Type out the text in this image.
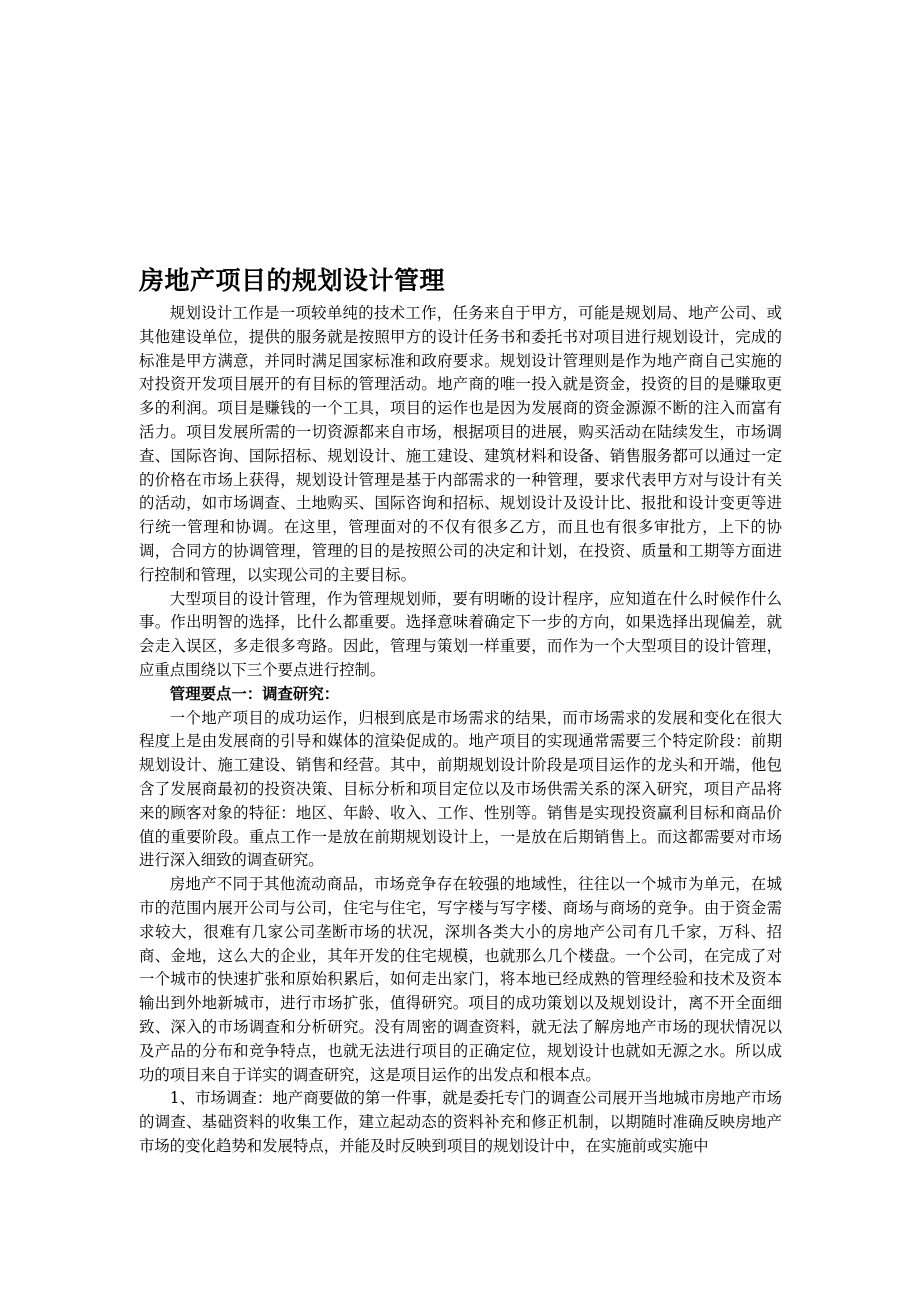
房地产项目的规划设计管理

规划设计工作是一项较单纯的技术工作，任务来自于甲方，可能是规划局、地产公司、或其他建设单位，提供的服务就是按照甲方的设计任务书和委托书对项目进行规划设计，完成的标准是甲方满意，并同时满足国家标准和政府要求。规划设计管理则是作为地产商自己实施的对投资开发项目展开的有目标的管理活动。地产商的唯一投入就是资金，投资的目的是赚取更多的利润。项目是赚钱的一个工具，项目的运作也是因为发展商的资金源源不断的注入而富有活力。项目发展所需的一切资源都来自市场，根据项目的进展，购买活动在陆续发生，市场调查、国际咨询、国际招标、规划设计、施工建设、建筑材料和设备、销售服务都可以通过一定的价格在市场上获得，规划设计管理是基于内部需求的一种管理，要求代表甲方对与设计有关的活动，如市场调查、土地购买、国际咨询和招标、规划设计及设计比、报批和设计变更等进行统一管理和协调。在这里，管理面对的不仅有很多乙方，而且也有很多审批方，上下的协调，合同方的协调管理，管理的目的是按照公司的决定和计划，在投资、质量和工期等方面进行控制和管理，以实现公司的主要目标。

大型项目的设计管理，作为管理规划师，要有明晰的设计程序，应知道在什么时候作什么事。作出明智的选择，比什么都重要。选择意味着确定下一步的方向，如果选择出现偏差，就会走入误区，多走很多弯路。因此，管理与策划一样重要，而作为一个大型项目的设计管理，应重点围绕以下三个要点进行控制。

管理要点一：调查研究：

一个地产项目的成功运作，归根到底是市场需求的结果，而市场需求的发展和变化在很大程度上是由发展商的引导和媒体的渲染促成的。地产项目的实现通常需要三个特定阶段：前期规划设计、施工建设、销售和经营。其中，前期规划设计阶段是项目运作的龙头和开端，他包含了发展商最初的投资决策、目标分析和项目定位以及市场供需关系的深入研究，项目产品将来的顾客对象的特征：地区、年龄、收入、工作、性别等。销售是实现投资赢利目标和商品价值的重要阶段。重点工作一是放在前期规划设计上，一是放在后期销售上。而这都需要对市场进行深入细致的调查研究。

房地产不同于其他流动商品，市场竞争存在较强的地域性，往往以一个城市为单元，在城市的范围内展开公司与公司，住宅与住宅，写字楼与写字楼、商场与商场的竞争。由于资金需求较大，很难有几家公司垄断市场的状况，深圳各类大小的房地产公司有几千家，万科、招商、金地，这么大的企业，其年开发的住宅规模，也就那么几个楼盘。一个公司，在完成了对一个城市的快速扩张和原始积累后，如何走出家门，将本地已经成熟的管理经验和技术及资本输出到外地新城市，进行市场扩张，值得研究。项目的成功策划以及规划设计，离不开全面细致、深入的市场调查和分析研究。没有周密的调查资料，就无法了解房地产市场的现状情况以及产品的分布和竞争特点，也就无法进行项目的正确定位，规划设计也就如无源之水。所以成功的项目来自于详实的调查研究，这是项目运作的出发点和根本点。

1、市场调查：地产商要做的第一件事，就是委托专门的调查公司展开当地城市房地产市场的调查、基础资料的收集工作，建立起动态的资料补充和修正机制，以期随时准确反映房地产市场的变化趋势和发展特点，并能及时反映到项目的规划设计中，在实施前或实施中
